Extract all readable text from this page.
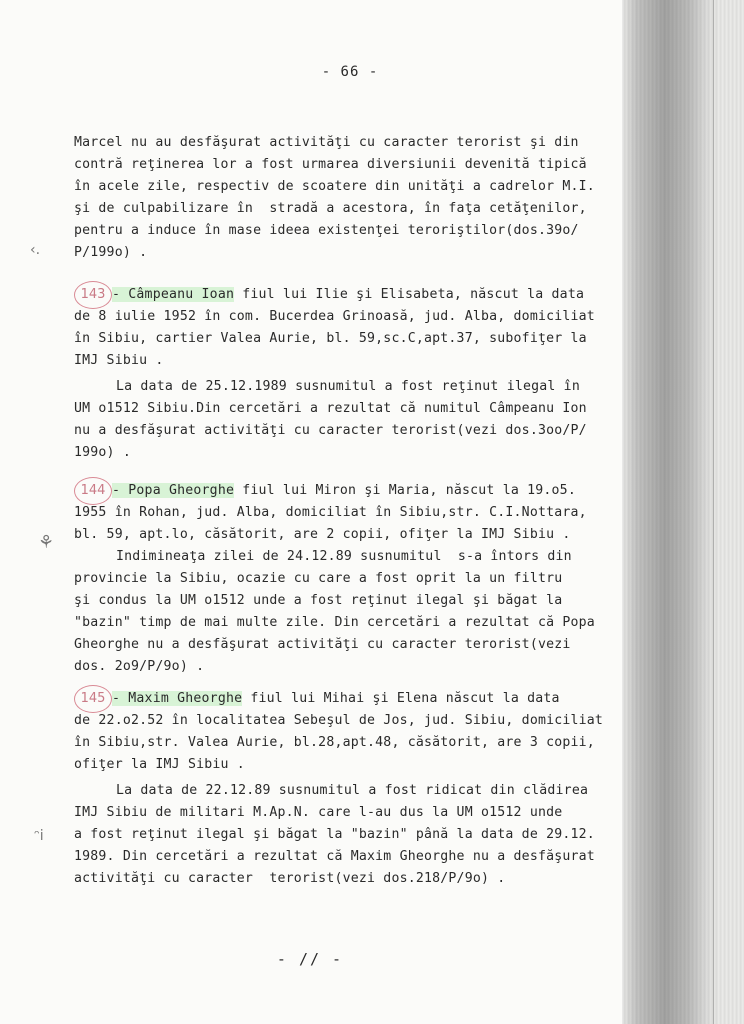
- 66 -
Marcel nu au desfăşurat activităţi cu caracter terorist şi din
contră reţinerea lor a fost urmarea diversiunii devenită tipică
în acele zile, respectiv de scoatere din unităţi a cadrelor M.I.
şi de culpabilizare în  stradă a acestora, în faţa cetăţenilor,
pentru a induce în mase ideea existenţei teroriştilor(dos.39o/
P/199o) .
‹.
143 - Câmpeanu Ioan fiul lui Ilie şi Elisabeta, născut la data
de 8 iulie 1952 în com. Bucerdea Grinoasă, jud. Alba, domiciliat
în Sibiu, cartier Valea Aurie, bl. 59,sc.C,apt.37, subofiţer la
IMJ Sibiu .
La data de 25.12.1989 susnumitul a fost reţinut ilegal în
UM o1512 Sibiu.Din cercetări a rezultat că numitul Câmpeanu Ion
nu a desfăşurat activităţi cu caracter terorist(vezi dos.3oo/P/
199o) .
144 - Popa Gheorghe fiul lui Miron şi Maria, născut la 19.o5.
1955 în Rohan, jud. Alba, domiciliat în Sibiu,str. C.I.Nottara,
bl. 59, apt.lo, căsătorit, are 2 copii, ofiţer la IMJ Sibiu .
Indimineaţa zilei de 24.12.89 susnumitul  s-a întors din
provincie la Sibiu, ocazie cu care a fost oprit la un filtru
şi condus la UM o1512 unde a fost reţinut ilegal şi băgat la
"bazin" timp de mai multe zile. Din cercetări a rezultat că Popa
Gheorghe nu a desfăşurat activităţi cu caracter terorist(vezi
dos. 2o9/P/9o) .
⚘
145 - Maxim Gheorghe fiul lui Mihai şi Elena născut la data
de 22.o2.52 în localitatea Sebeşul de Jos, jud. Sibiu, domiciliat
în Sibiu,str. Valea Aurie, bl.28,apt.48, căsătorit, are 3 copii,
ofiţer la IMJ Sibiu .
La data de 22.12.89 susnumitul a fost ridicat din clădirea
IMJ Sibiu de militari M.Ap.N. care l-au dus la UM o1512 unde
a fost reţinut ilegal şi băgat la "bazin" până la data de 29.12.
1989. Din cercetări a rezultat că Maxim Gheorghe nu a desfăşurat
activităţi cu caracter  terorist(vezi dos.218/P/9o) .
ᵔi
- // -
